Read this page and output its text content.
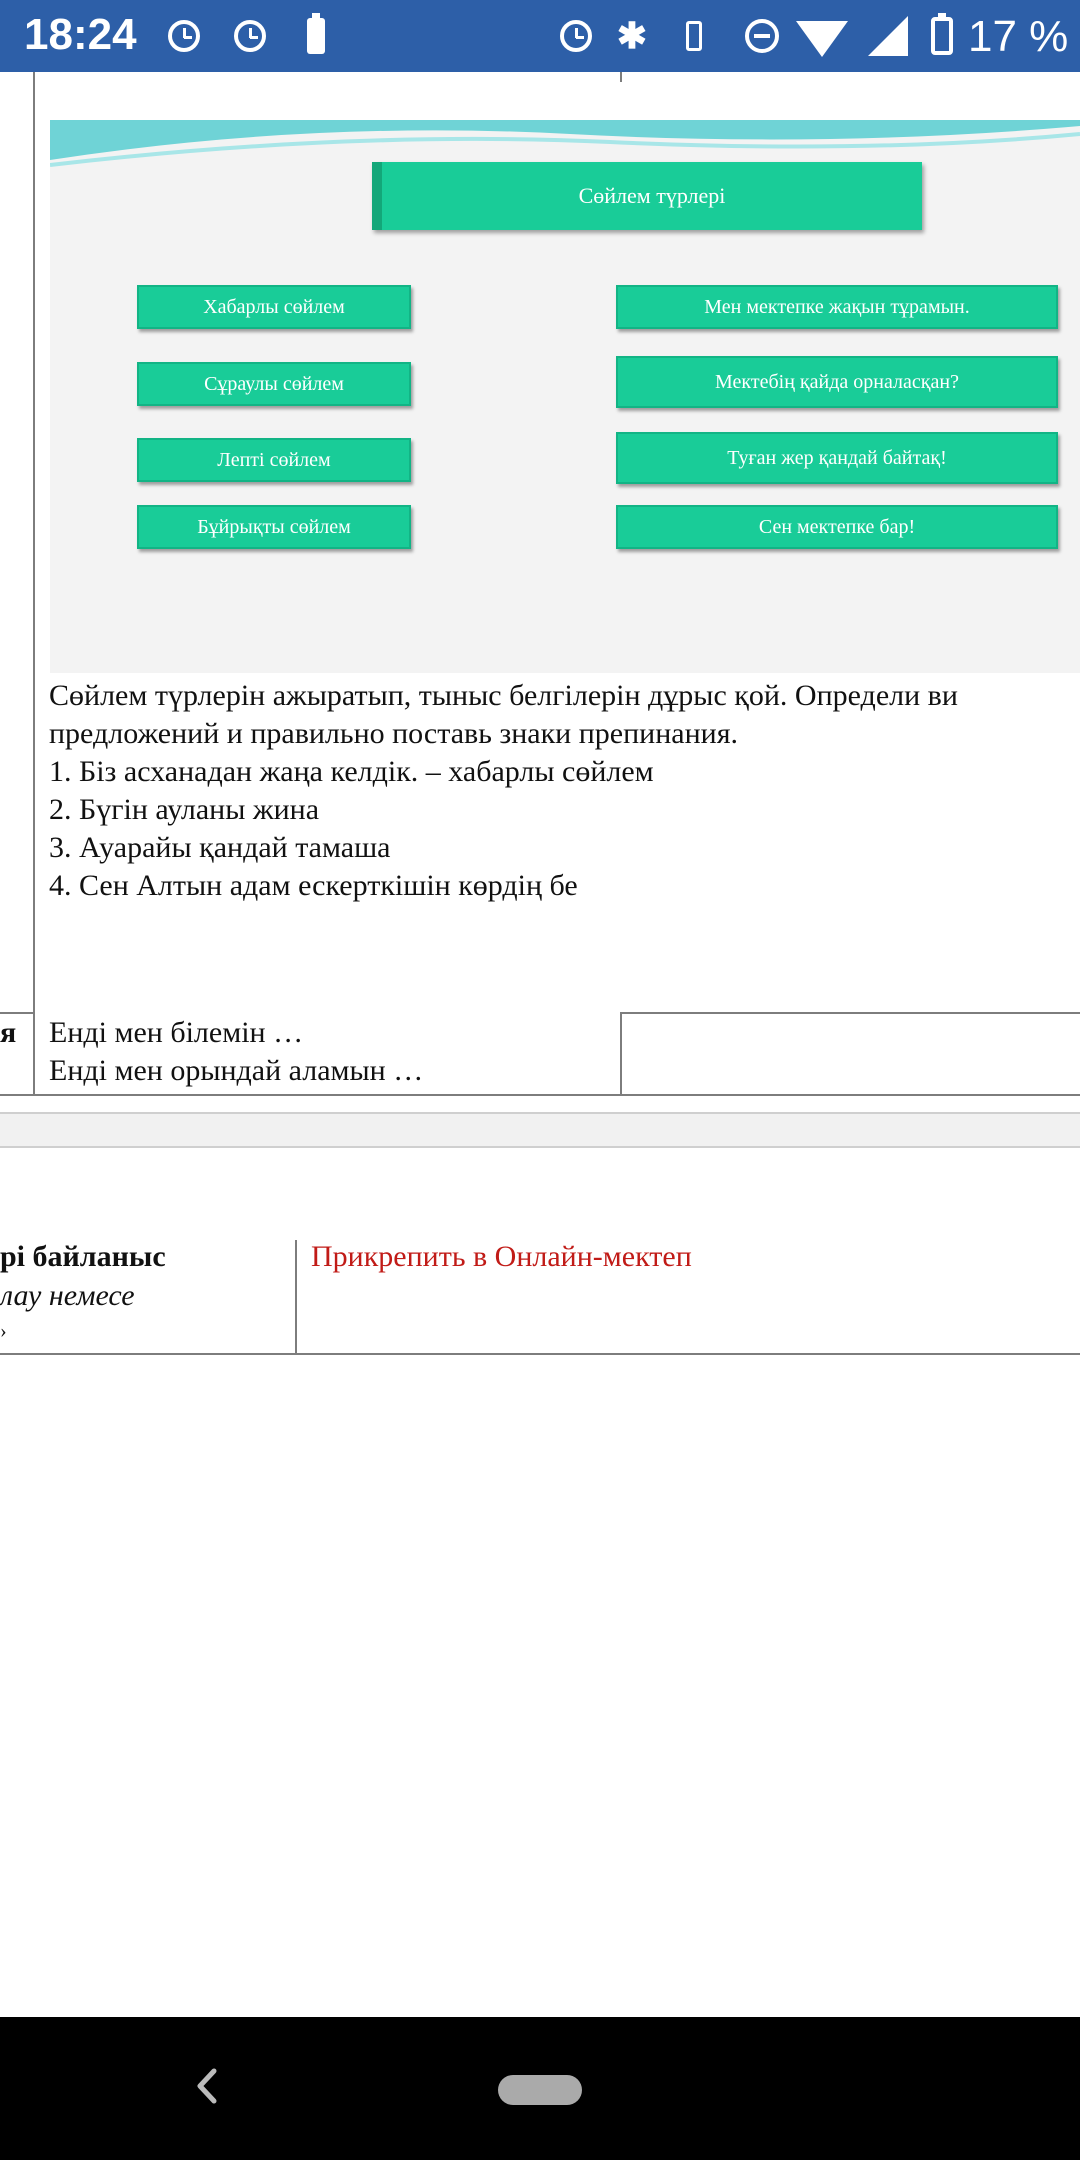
18:24	✱	17 %
Сөйлем түрлері
Хабарлы сөйлем
Сұраулы сөйлем
Лепті сөйлем
Бұйрықты сөйлем
Мен мектепке жақын тұрамын.
Мектебің қайда орналасқан?
Туған жер қандай байтақ!
Сен мектепке бар!
Сөйлем түрлерін ажыратып, тыныс белгілерін дұрыс қой. Определи ви
предложений и правильно поставь знаки препинания.
1. Біз асханадан жаңа келдік. – хабарлы сөйлем
2. Бүгін ауланы жина
3. Ауарайы қандай тамаша
4. Сен Алтын адам ескерткішін көрдің бе
я Енді мен білемін …
Енді мен орындай аламын …
рі байланыс
лау немесе
›
Прикрепить в Онлайн-мектеп
